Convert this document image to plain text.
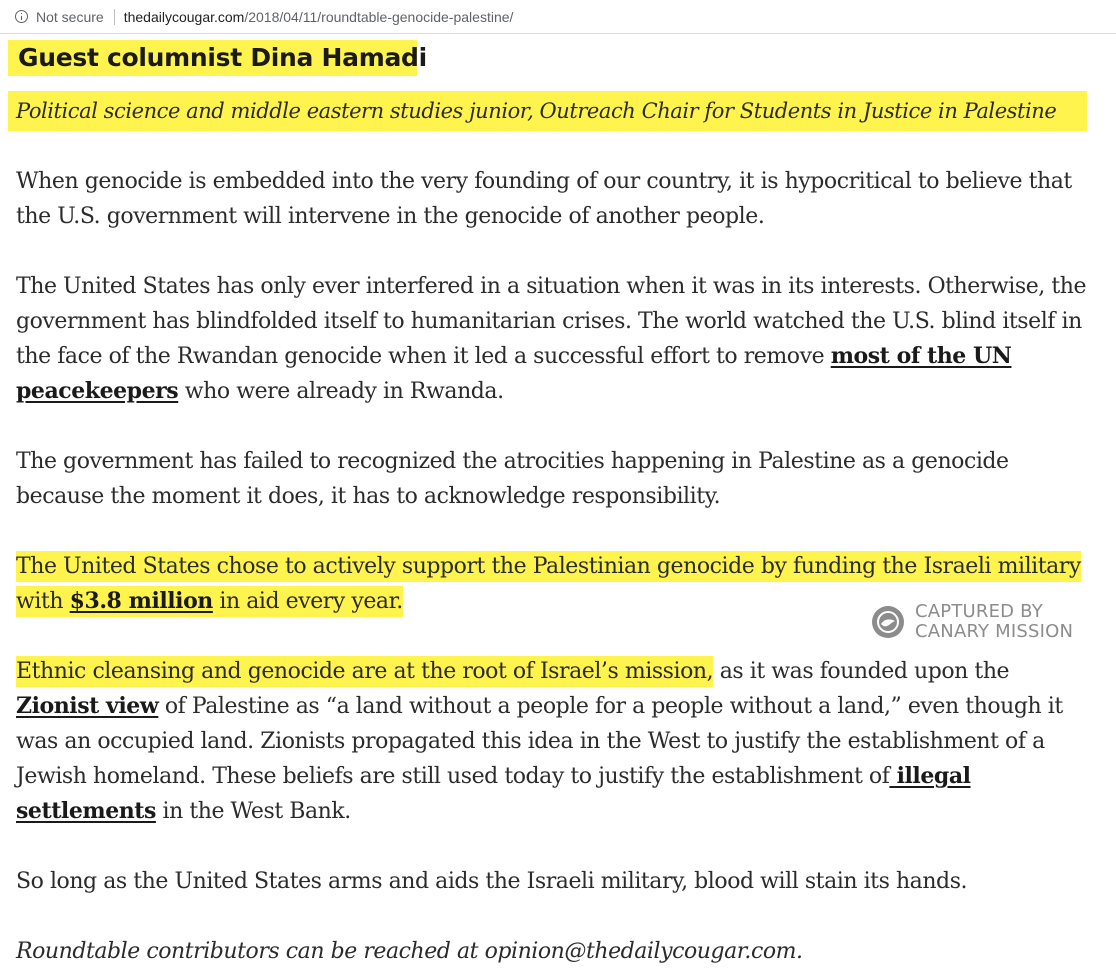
Not secure thedailycougar.com/2018/04/11/roundtable-genocide-palestine/
Guest columnist Dina Hamadi
Political science and middle eastern studies junior, Outreach Chair for Students in Justice in Palestine

When genocide is embedded into the very founding of our country, it is hypocritical to believe that
the U.S. government will intervene in the genocide of another people.

The United States has only ever interfered in a situation when it was in its interests. Otherwise, the
government has blindfolded itself to humanitarian crises. The world watched the U.S. blind itself in
the face of the Rwandan genocide when it led a successful effort to remove most of the UN
peacekeepers who were already in Rwanda.

The government has failed to recognized the atrocities happening in Palestine as a genocide
because the moment it does, it has to acknowledge responsibility.

The United States chose to actively support the Palestinian genocide by funding the Israeli military
with $3.8 million in aid every year.

Ethnic cleansing and genocide are at the root of Israel’s mission, as it was founded upon the
Zionist view of Palestine as “a land without a people for a people without a land,” even though it
was an occupied land. Zionists propagated this idea in the West to justify the establishment of a
Jewish homeland. These beliefs are still used today to justify the establishment of illegal
settlements in the West Bank.

So long as the United States arms and aids the Israeli military, blood will stain its hands.

Roundtable contributors can be reached at opinion@thedailycougar.com.

CAPTURED BY
CANARY MISSION
